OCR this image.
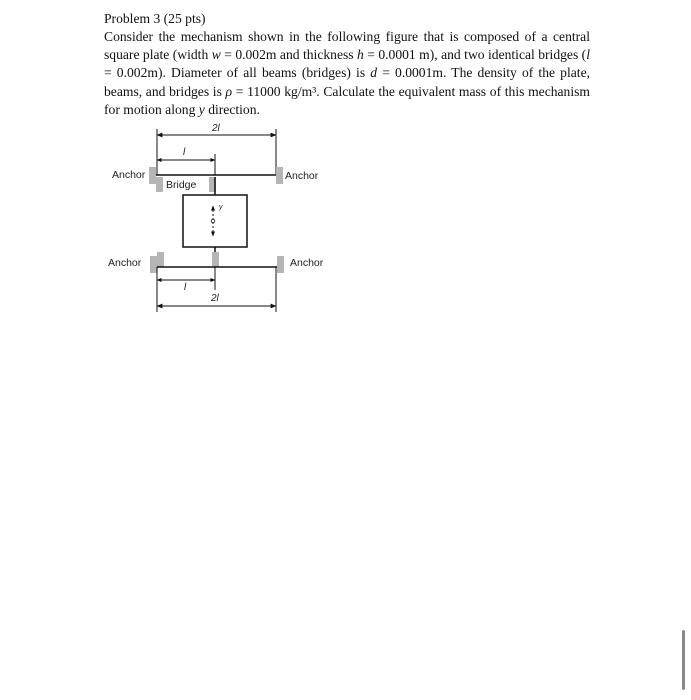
Problem 3 (25 pts)
Consider the mechanism shown in the following figure that is composed of a central square plate (width w = 0.002m and thickness h = 0.0001 m), and two identical bridges (l = 0.002m). Diameter of all beams (bridges) is d = 0.0001m. The density of the plate, beams, and bridges is ρ = 11000 kg/m³. Calculate the equivalent mass of this mechanism for motion along y direction.
2l
l
Anchor	Anchor
Bridge
y
Anchor	Anchor
l
2l
